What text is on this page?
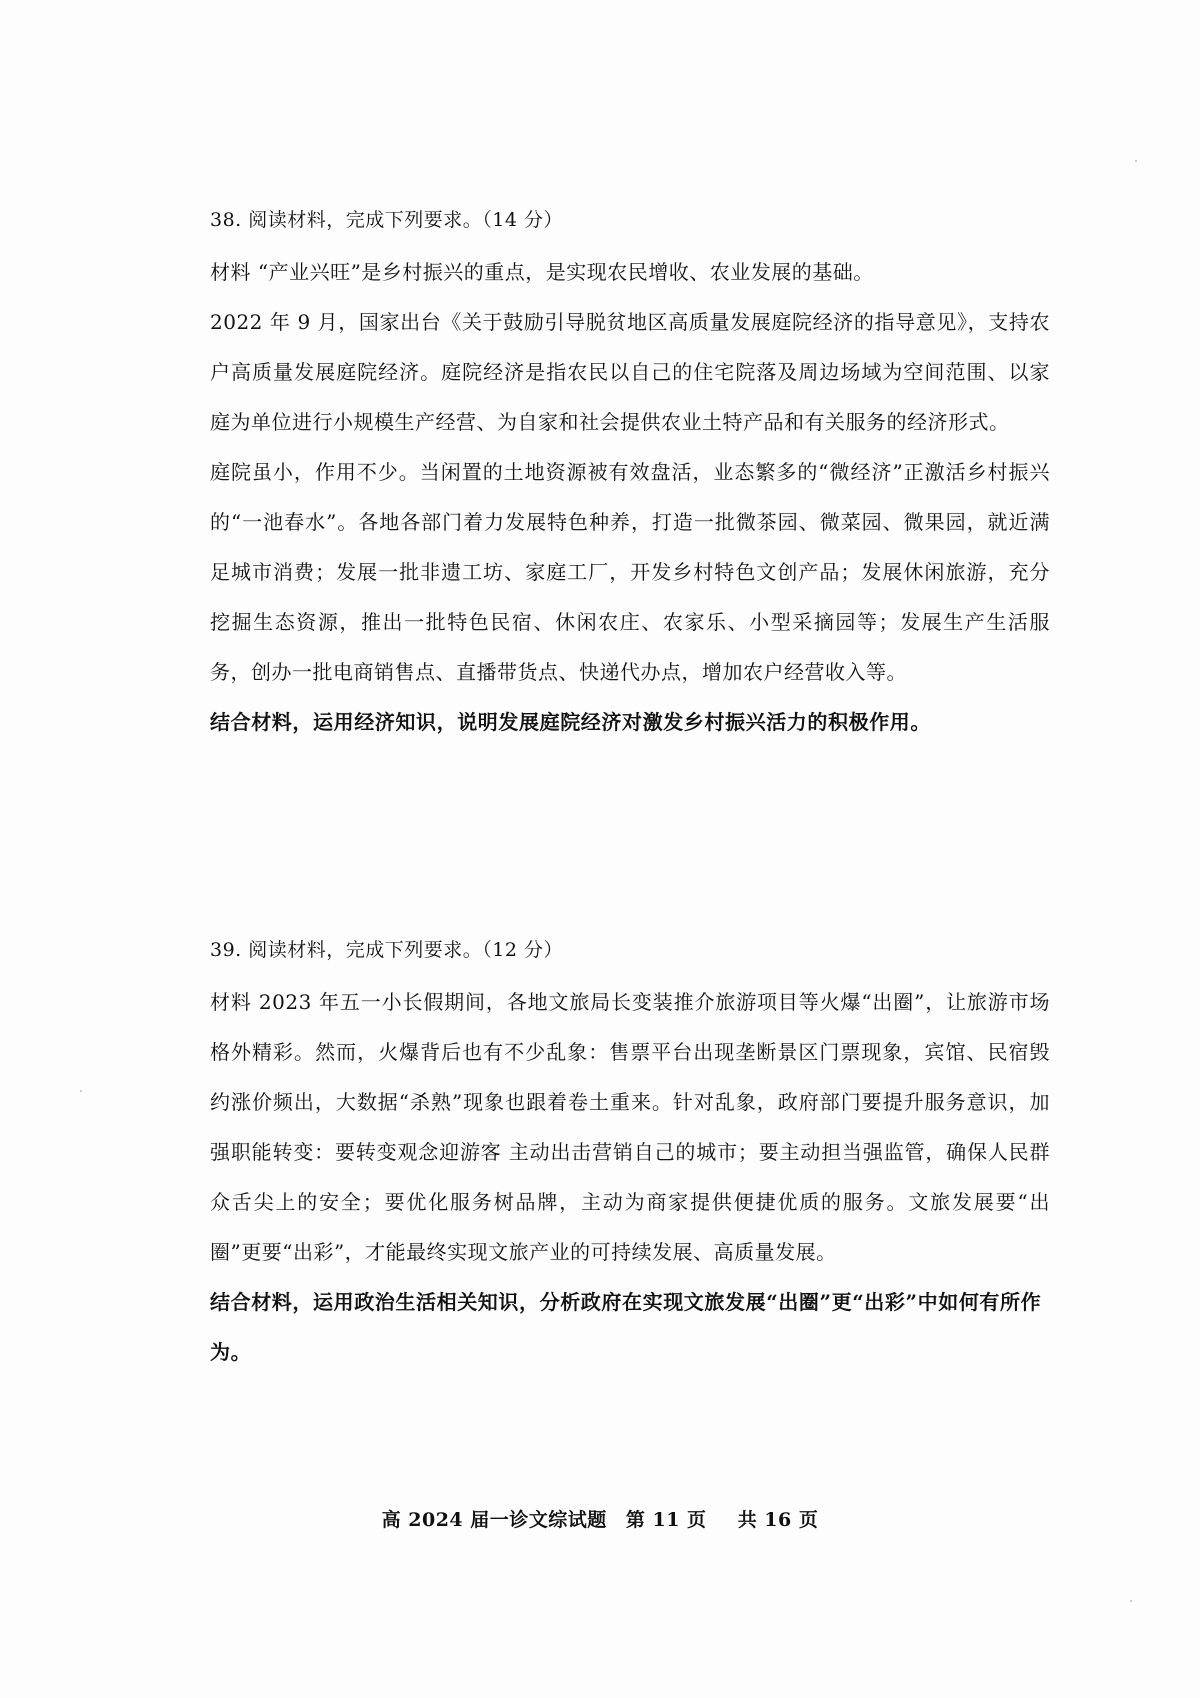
38. 阅读材料，完成下列要求。（14 分）

材料 “产业兴旺”是乡村振兴的重点，是实现农民增收、农业发展的基础。

2022 年 9 月，国家出台《关于鼓励引导脱贫地区高质量发展庭院经济的指导意见》，支持农户高质量发展庭院经济。庭院经济是指农民以自己的住宅院落及周边场域为空间范围、以家庭为单位进行小规模生产经营、为自家和社会提供农业土特产品和有关服务的经济形式。

庭院虽小，作用不少。当闲置的土地资源被有效盘活，业态繁多的“微经济”正激活乡村振兴的“一池春水”。各地各部门着力发展特色种养，打造一批微茶园、微菜园、微果园，就近满足城市消费；发展一批非遗工坊、家庭工厂，开发乡村特色文创产品；发展休闲旅游，充分挖掘生态资源，推出一批特色民宿、休闲农庄、农家乐、小型采摘园等；发展生产生活服务，创办一批电商销售点、直播带货点、快递代办点，增加农户经营收入等。

结合材料，运用经济知识，说明发展庭院经济对激发乡村振兴活力的积极作用。

39. 阅读材料，完成下列要求。（12 分）

材料 2023 年五一小长假期间，各地文旅局长变装推介旅游项目等火爆“出圈”，让旅游市场格外精彩。然而，火爆背后也有不少乱象：售票平台出现垄断景区门票现象，宾馆、民宿毁约涨价频出，大数据“杀熟”现象也跟着卷土重来。针对乱象，政府部门要提升服务意识，加强职能转变：要转变观念迎游客 主动出击营销自己的城市；要主动担当强监管，确保人民群众舌尖上的安全；要优化服务树品牌，主动为商家提供便捷优质的服务。文旅发展要“出圈”更要“出彩”，才能最终实现文旅产业的可持续发展、高质量发展。

结合材料，运用政治生活相关知识，分析政府在实现文旅发展“出圈”更“出彩”中如何有所作为。

高 2024 届一诊文综试题 第 11 页 共 16 页
